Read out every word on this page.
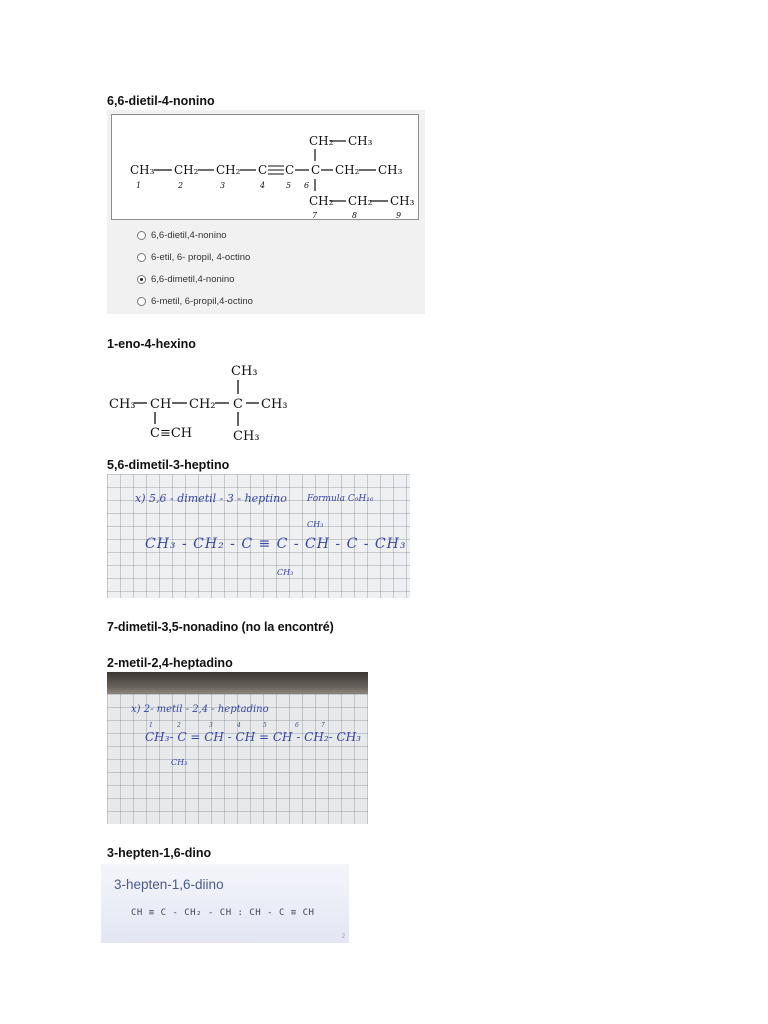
6,6-dietil-4-nonino
1-eno-4-hexino
5,6-dimetil-3-heptino
7-dimetil-3,5-nonadino (no la encontré)
2-metil-2,4-heptadino
3-hepten-1,6-dino
CH₂ CH₃
CH₃ CH₂ CH₂ C C C CH₂ CH₃
CH₂ CH₂ CH₃
1	2	3	4	5 6
7	8	9
6,6-dietil,4-nonino
6-etil, 6- propil, 4-octino
6,6-dimetil,4-nonino
6-metil, 6-propil,4-octino
CH₃
CH₃ CH CH₂ C CH₃
CH₃
C≡CH
x) 5,6 - dimetil - 3 - heptino Formula C₉H₁₆
CH₃
CH₃ - CH₂ - C ≡ C - CH - C - CH₃
CH₃
x) 2- metil - 2,4 - heptadino
1	2	3	4	5	6	7
CH₃- C = CH - CH = CH - CH₂- CH₃
CH₃
3-hepten-1,6-diino
CH ≡ C - CH₂ - CH : CH - C ≡ CH
2
